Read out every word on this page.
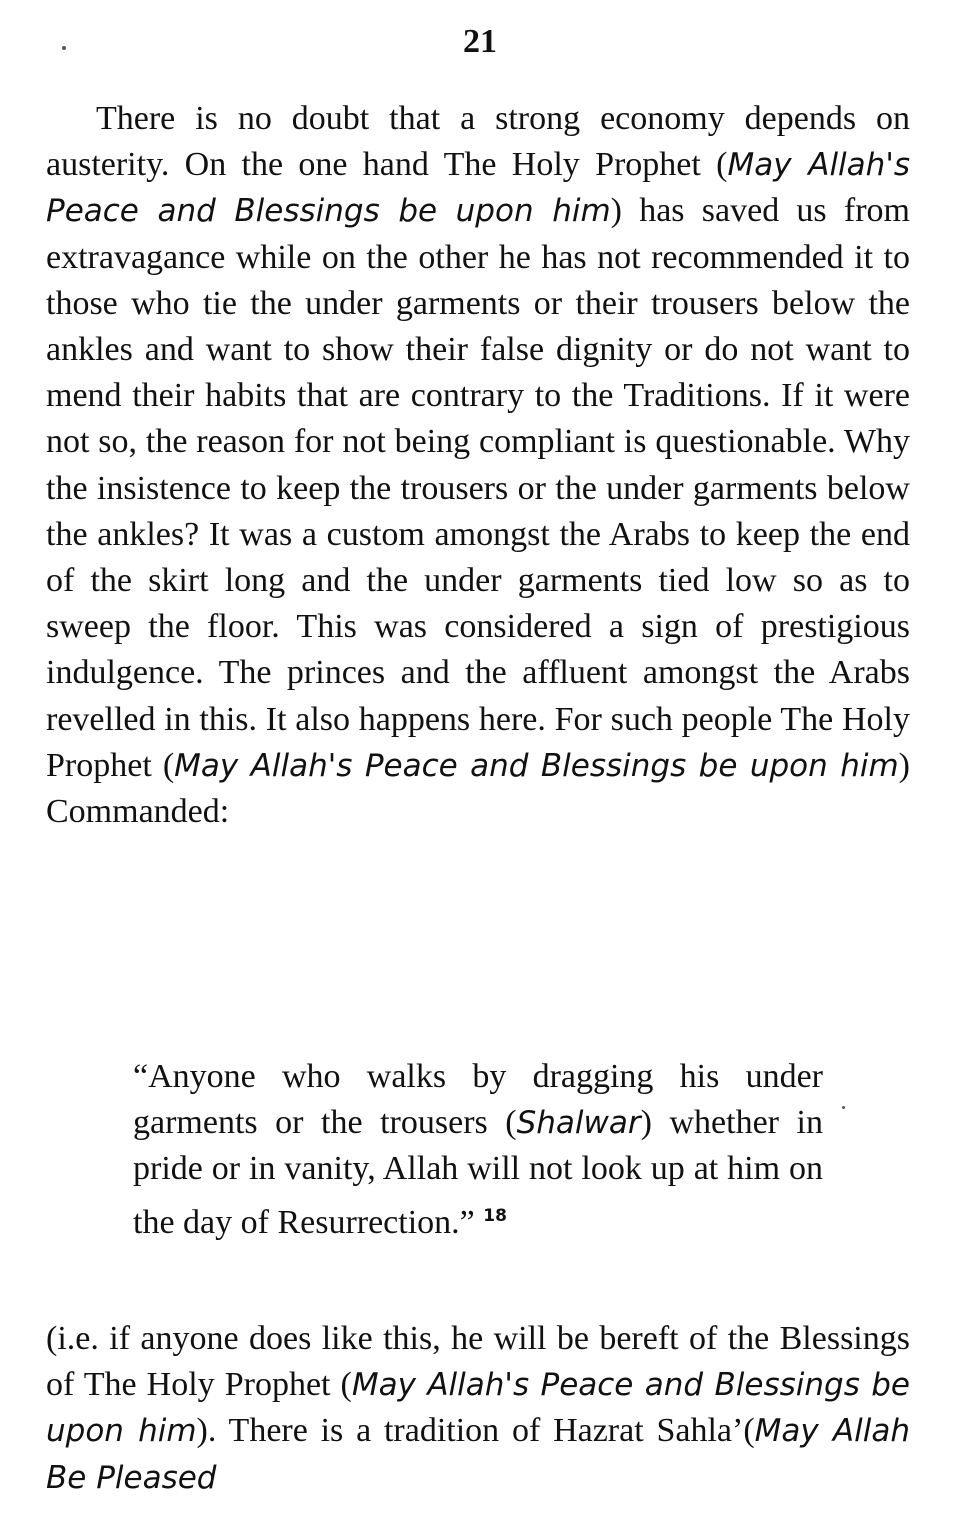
21

There is no doubt that a strong economy depends on austerity. On the one hand The Holy Prophet (May Allah's Peace and Blessings be upon him) has saved us from extravagance while on the other he has not recommended it to those who tie the under garments or their trousers below the ankles and want to show their false dignity or do not want to mend their habits that are contrary to the Traditions. If it were not so, the reason for not being compliant is questionable. Why the insistence to keep the trousers or the under garments below the ankles? It was a custom amongst the Arabs to keep the end of the skirt long and the under garments tied low so as to sweep the floor. This was considered a sign of prestigious indulgence. The princes and the affluent amongst the Arabs revelled in this. It also happens here. For such people The Holy Prophet (May Allah's Peace and Blessings be upon him) Commanded:

“Anyone who walks by dragging his under garments or the trousers (Shalwar) whether in pride or in vanity, Allah will not look up at him on the day of Resurrection.” $^{18}$

(i.e. if anyone does like this, he will be bereft of the Blessings of The Holy Prophet (May Allah's Peace and Blessings be upon him). There is a tradition of Hazrat Sahla’(May Allah Be Pleased
